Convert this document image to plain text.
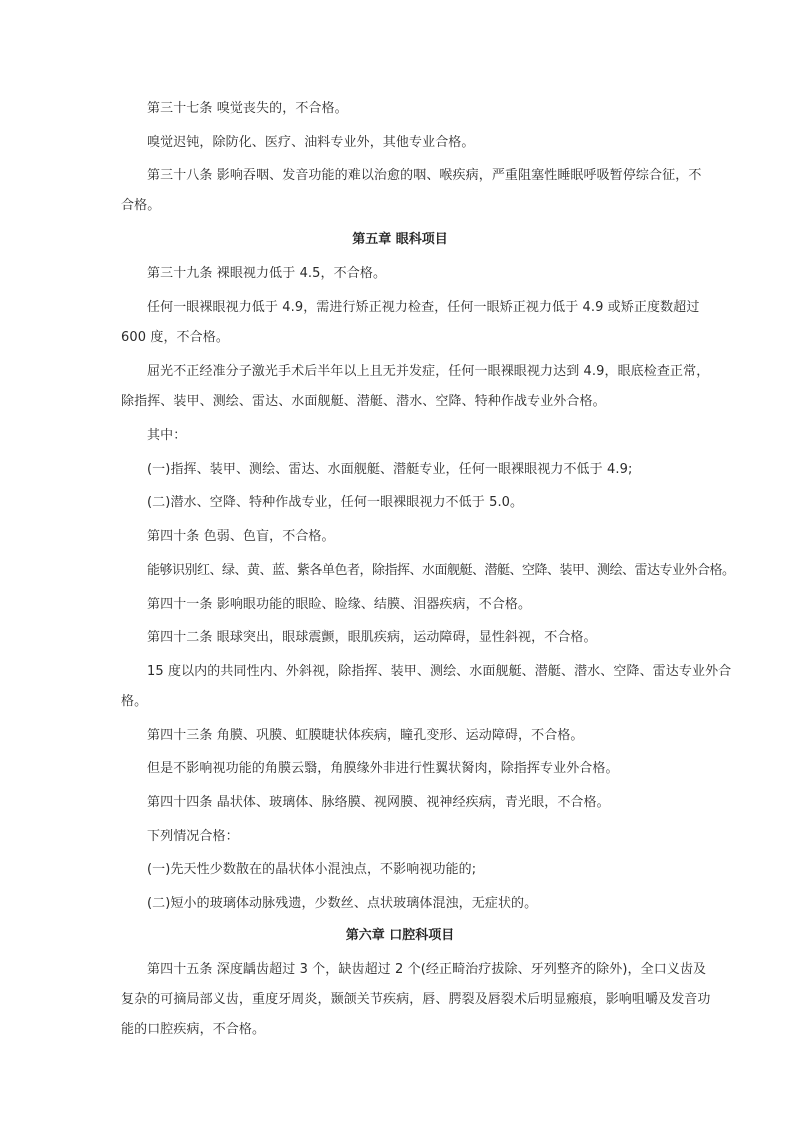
第三十七条 嗅觉丧失的，不合格。
嗅觉迟钝，除防化、医疗、油料专业外，其他专业合格。
第三十八条 影响吞咽、发音功能的难以治愈的咽、喉疾病，严重阻塞性睡眠呼吸暂停综合征，不
合格。
第五章 眼科项目
第三十九条 裸眼视力低于 4.5，不合格。
任何一眼裸眼视力低于 4.9，需进行矫正视力检查，任何一眼矫正视力低于 4.9 或矫正度数超过
600 度，不合格。
屈光不正经准分子激光手术后半年以上且无并发症，任何一眼裸眼视力达到 4.9，眼底检查正常，
除指挥、装甲、测绘、雷达、水面舰艇、潜艇、潜水、空降、特种作战专业外合格。
其中：
(一)指挥、装甲、测绘、雷达、水面舰艇、潜艇专业，任何一眼裸眼视力不低于 4.9;
(二)潜水、空降、特种作战专业，任何一眼裸眼视力不低于 5.0。
第四十条 色弱、色盲，不合格。
能够识别红、绿、黄、蓝、紫各单色者，除指挥、水面舰艇、潜艇、空降、装甲、测绘、雷达专业外合格。
第四十一条 影响眼功能的眼睑、睑缘、结膜、泪器疾病，不合格。
第四十二条 眼球突出，眼球震颤，眼肌疾病，运动障碍，显性斜视，不合格。
15 度以内的共同性内、外斜视，除指挥、装甲、测绘、水面舰艇、潜艇、潜水、空降、雷达专业外合
格。
第四十三条 角膜、巩膜、虹膜睫状体疾病，瞳孔变形、运动障碍，不合格。
但是不影响视功能的角膜云翳，角膜缘外非进行性翼状胬肉，除指挥专业外合格。
第四十四条 晶状体、玻璃体、脉络膜、视网膜、视神经疾病，青光眼，不合格。
下列情况合格：
(一)先天性少数散在的晶状体小混浊点，不影响视功能的;
(二)短小的玻璃体动脉残遗，少数丝、点状玻璃体混浊，无症状的。
第六章 口腔科项目
第四十五条 深度龋齿超过 3 个，缺齿超过 2 个(经正畸治疗拔除、牙列整齐的除外)，全口义齿及
复杂的可摘局部义齿，重度牙周炎，颞颌关节疾病，唇、腭裂及唇裂术后明显瘢痕，影响咀嚼及发音功
能的口腔疾病，不合格。
